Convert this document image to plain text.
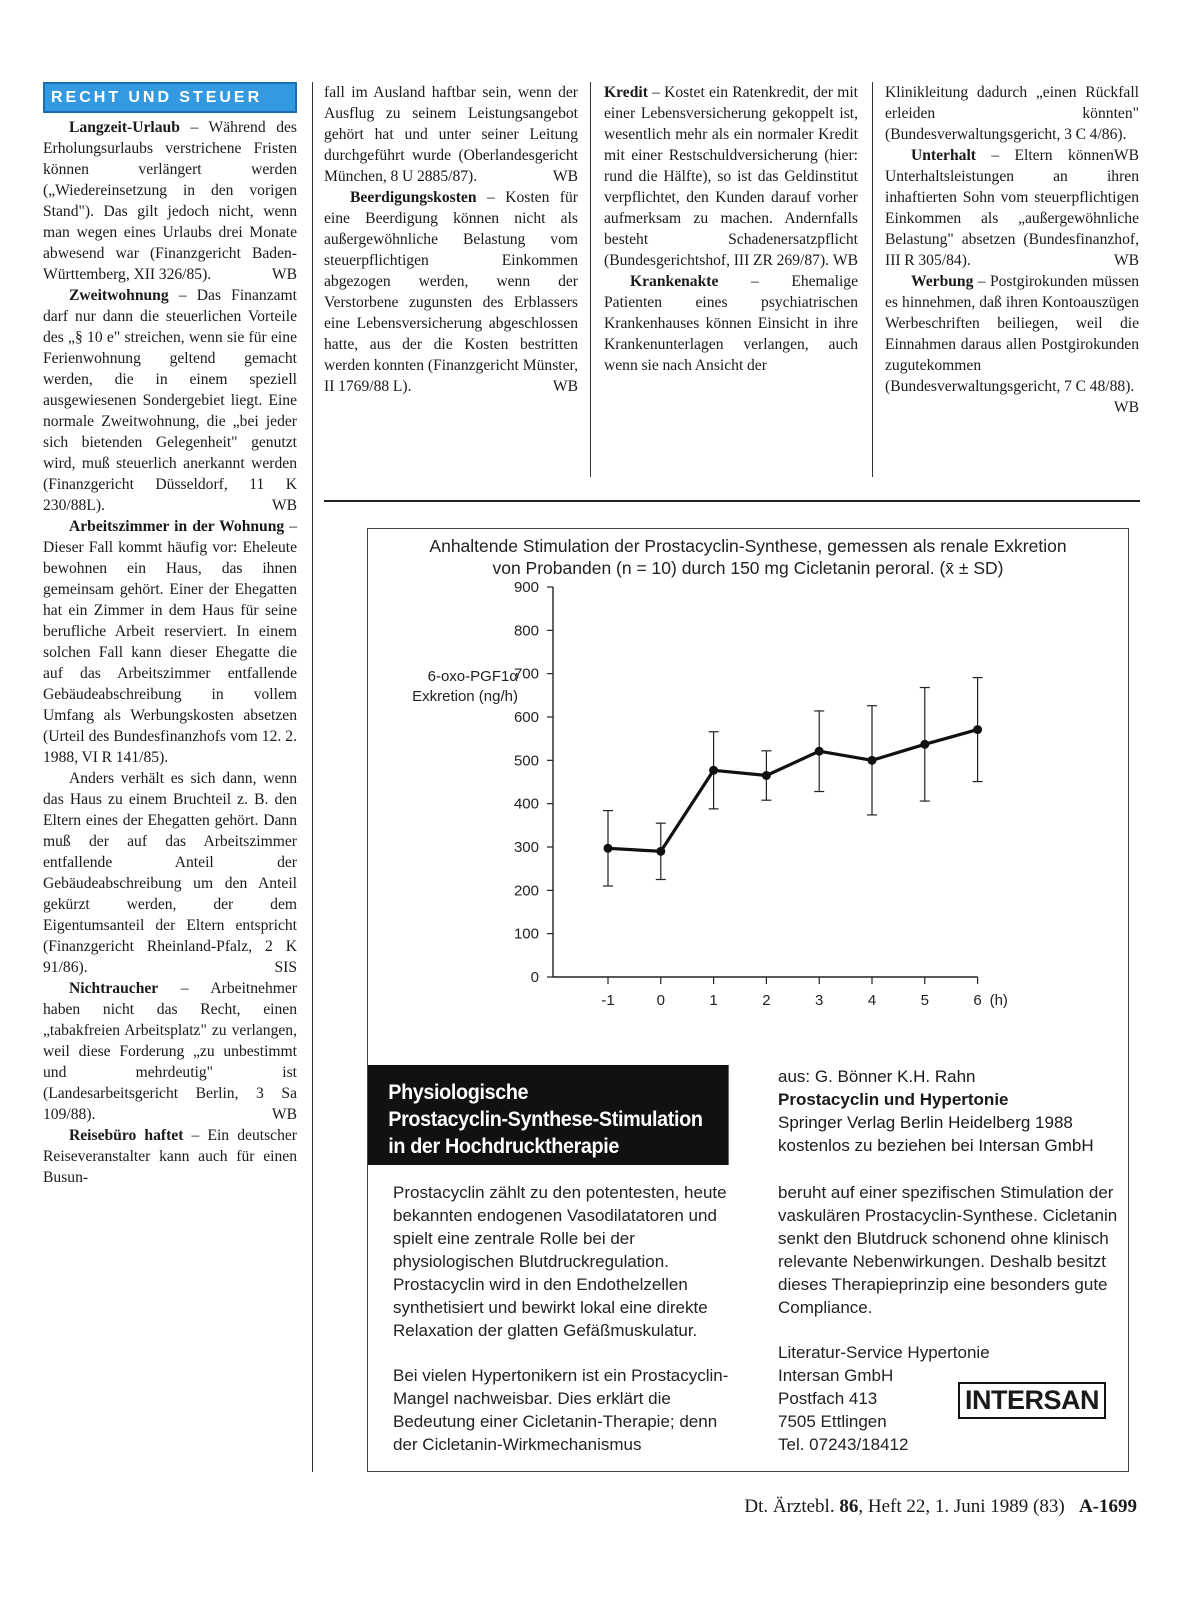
RECHT UND STEUER

Langzeit-Urlaub – Während des Erholungsurlaubs verstrichene Fristen können verlängert werden („Wiedereinsetzung in den vorigen Stand"). Das gilt jedoch nicht, wenn man wegen eines Urlaubs drei Monate abwesend war (Finanzgericht Baden-Württemberg, XII 326/85).	WB

Zweitwohnung – Das Finanzamt darf nur dann die steuerlichen Vorteile des „§ 10 e" streichen, wenn sie für eine Ferienwohnung geltend gemacht werden, die in einem speziell ausgewiesenen Sondergebiet liegt. Eine normale Zweitwohnung, die „bei jeder sich bietenden Gelegenheit" genutzt wird, muß steuerlich anerkannt werden (Finanzgericht Düsseldorf, 11 K 230/88L).	WB

Arbeitszimmer in der Wohnung – Dieser Fall kommt häufig vor: Eheleute bewohnen ein Haus, das ihnen gemeinsam gehört. Einer der Ehegatten hat ein Zimmer in dem Haus für seine berufliche Arbeit reserviert. In einem solchen Fall kann dieser Ehegatte die auf das Arbeitszimmer entfallende Gebäudeabschreibung in vollem Umfang als Werbungskosten absetzen (Urteil des Bundesfinanzhofs vom 12. 2. 1988, VI R 141/85).

Anders verhält es sich dann, wenn das Haus zu einem Bruchteil z. B. den Eltern eines der Ehegatten gehört. Dann muß der auf das Arbeitszimmer entfallende Anteil der Gebäudeabschreibung um den Anteil gekürzt werden, der dem Eigentumsanteil der Eltern entspricht (Finanzgericht Rheinland-Pfalz, 2 K 91/86).	SIS

Nichtraucher – Arbeitnehmer haben nicht das Recht, einen „tabakfreien Arbeitsplatz" zu verlangen, weil diese Forderung „zu unbestimmt und mehrdeutig" ist (Landesarbeitsgericht Berlin, 3 Sa 109/88).	WB

Reisebüro haftet – Ein deutscher Reiseveranstalter kann auch für einen Busun-

fall im Ausland haftbar sein, wenn der Ausflug zu seinem Leistungsangebot gehört hat und unter seiner Leitung durchgeführt wurde (Oberlandesgericht München, 8 U 2885/87).	WB

Beerdigungskosten – Kosten für eine Beerdigung können nicht als außergewöhnliche Belastung vom steuerpflichtigen Einkommen abgezogen werden, wenn der Verstorbene zugunsten des Erblassers eine Lebensversicherung abgeschlossen hatte, aus der die Kosten bestritten werden konnten (Finanzgericht Münster, II 1769/88 L).	WB

Kredit – Kostet ein Ratenkredit, der mit einer Lebensversicherung gekoppelt ist, wesentlich mehr als ein normaler Kredit mit einer Restschuldversicherung (hier: rund die Hälfte), so ist das Geldinstitut verpflichtet, den Kunden darauf vorher aufmerksam zu machen. Andernfalls besteht Schadenersatzpflicht (Bundesgerichtshof, III ZR 269/87). WB

Krankenakte – Ehemalige Patienten eines psychiatrischen Krankenhauses können Einsicht in ihre Krankenunterlagen verlangen, auch wenn sie nach Ansicht der

Klinikleitung dadurch „einen Rückfall erleiden könnten" (Bundesverwaltungsgericht, 3 C 4/86).
WB

Unterhalt – Eltern können Unterhaltsleistungen an ihren inhaftierten Sohn vom steuerpflichtigen Einkommen als „außergewöhnliche Belastung" absetzen (Bundesfinanzhof, III R 305/84).	WB

Werbung – Postgirokunden müssen es hinnehmen, daß ihren Kontoauszügen Werbeschriften beiliegen, weil die Einnahmen daraus allen Postgirokunden zugutekommen (Bundesverwaltungsgericht, 7 C 48/88).
WB

Anhaltende Stimulation der Prostacyclin-Synthese, gemessen als renale Exkretion
von Probanden (n = 10) durch 150 mg Cicletanin peroral. (x̄ ± SD)
6-oxo-PGF1α
Exkretion (ng/h)
0
100
200
300
400
500
600
700
800
900
-1	0	1	2	3	4	5	6 (h)
Physiologische
Prostacyclin-Synthese-Stimulation
in der Hochdrucktherapie
aus: G. Bönner K.H. Rahn
Prostacyclin und Hypertonie
Springer Verlag Berlin Heidelberg 1988
kostenlos zu beziehen bei Intersan GmbH

Prostacyclin zählt zu den potentesten, heute bekannten endogenen Vasodilatatoren und spielt eine zentrale Rolle bei der physiologischen Blutdruckregulation. Prostacyclin wird in den Endothelzellen synthetisiert und bewirkt lokal eine direkte Relaxation der glatten Gefäßmuskulatur.

Bei vielen Hypertonikern ist ein Prostacyclin-Mangel nachweisbar. Dies erklärt die Bedeutung einer Cicletanin-Therapie; denn der Cicletanin-Wirkmechanismus

beruht auf einer spezifischen Stimulation der vaskulären Prostacyclin-Synthese. Cicletanin senkt den Blutdruck schonend ohne klinisch relevante Nebenwirkungen. Deshalb besitzt dieses Therapieprinzip eine besonders gute Compliance.

Literatur-Service Hypertonie
Intersan GmbH
Postfach 413
7505 Ettlingen
Tel. 07243/18412
INTERSAN
Dt. Ärztebl. 86, Heft 22, 1. Juni 1989 (83) A-1699
